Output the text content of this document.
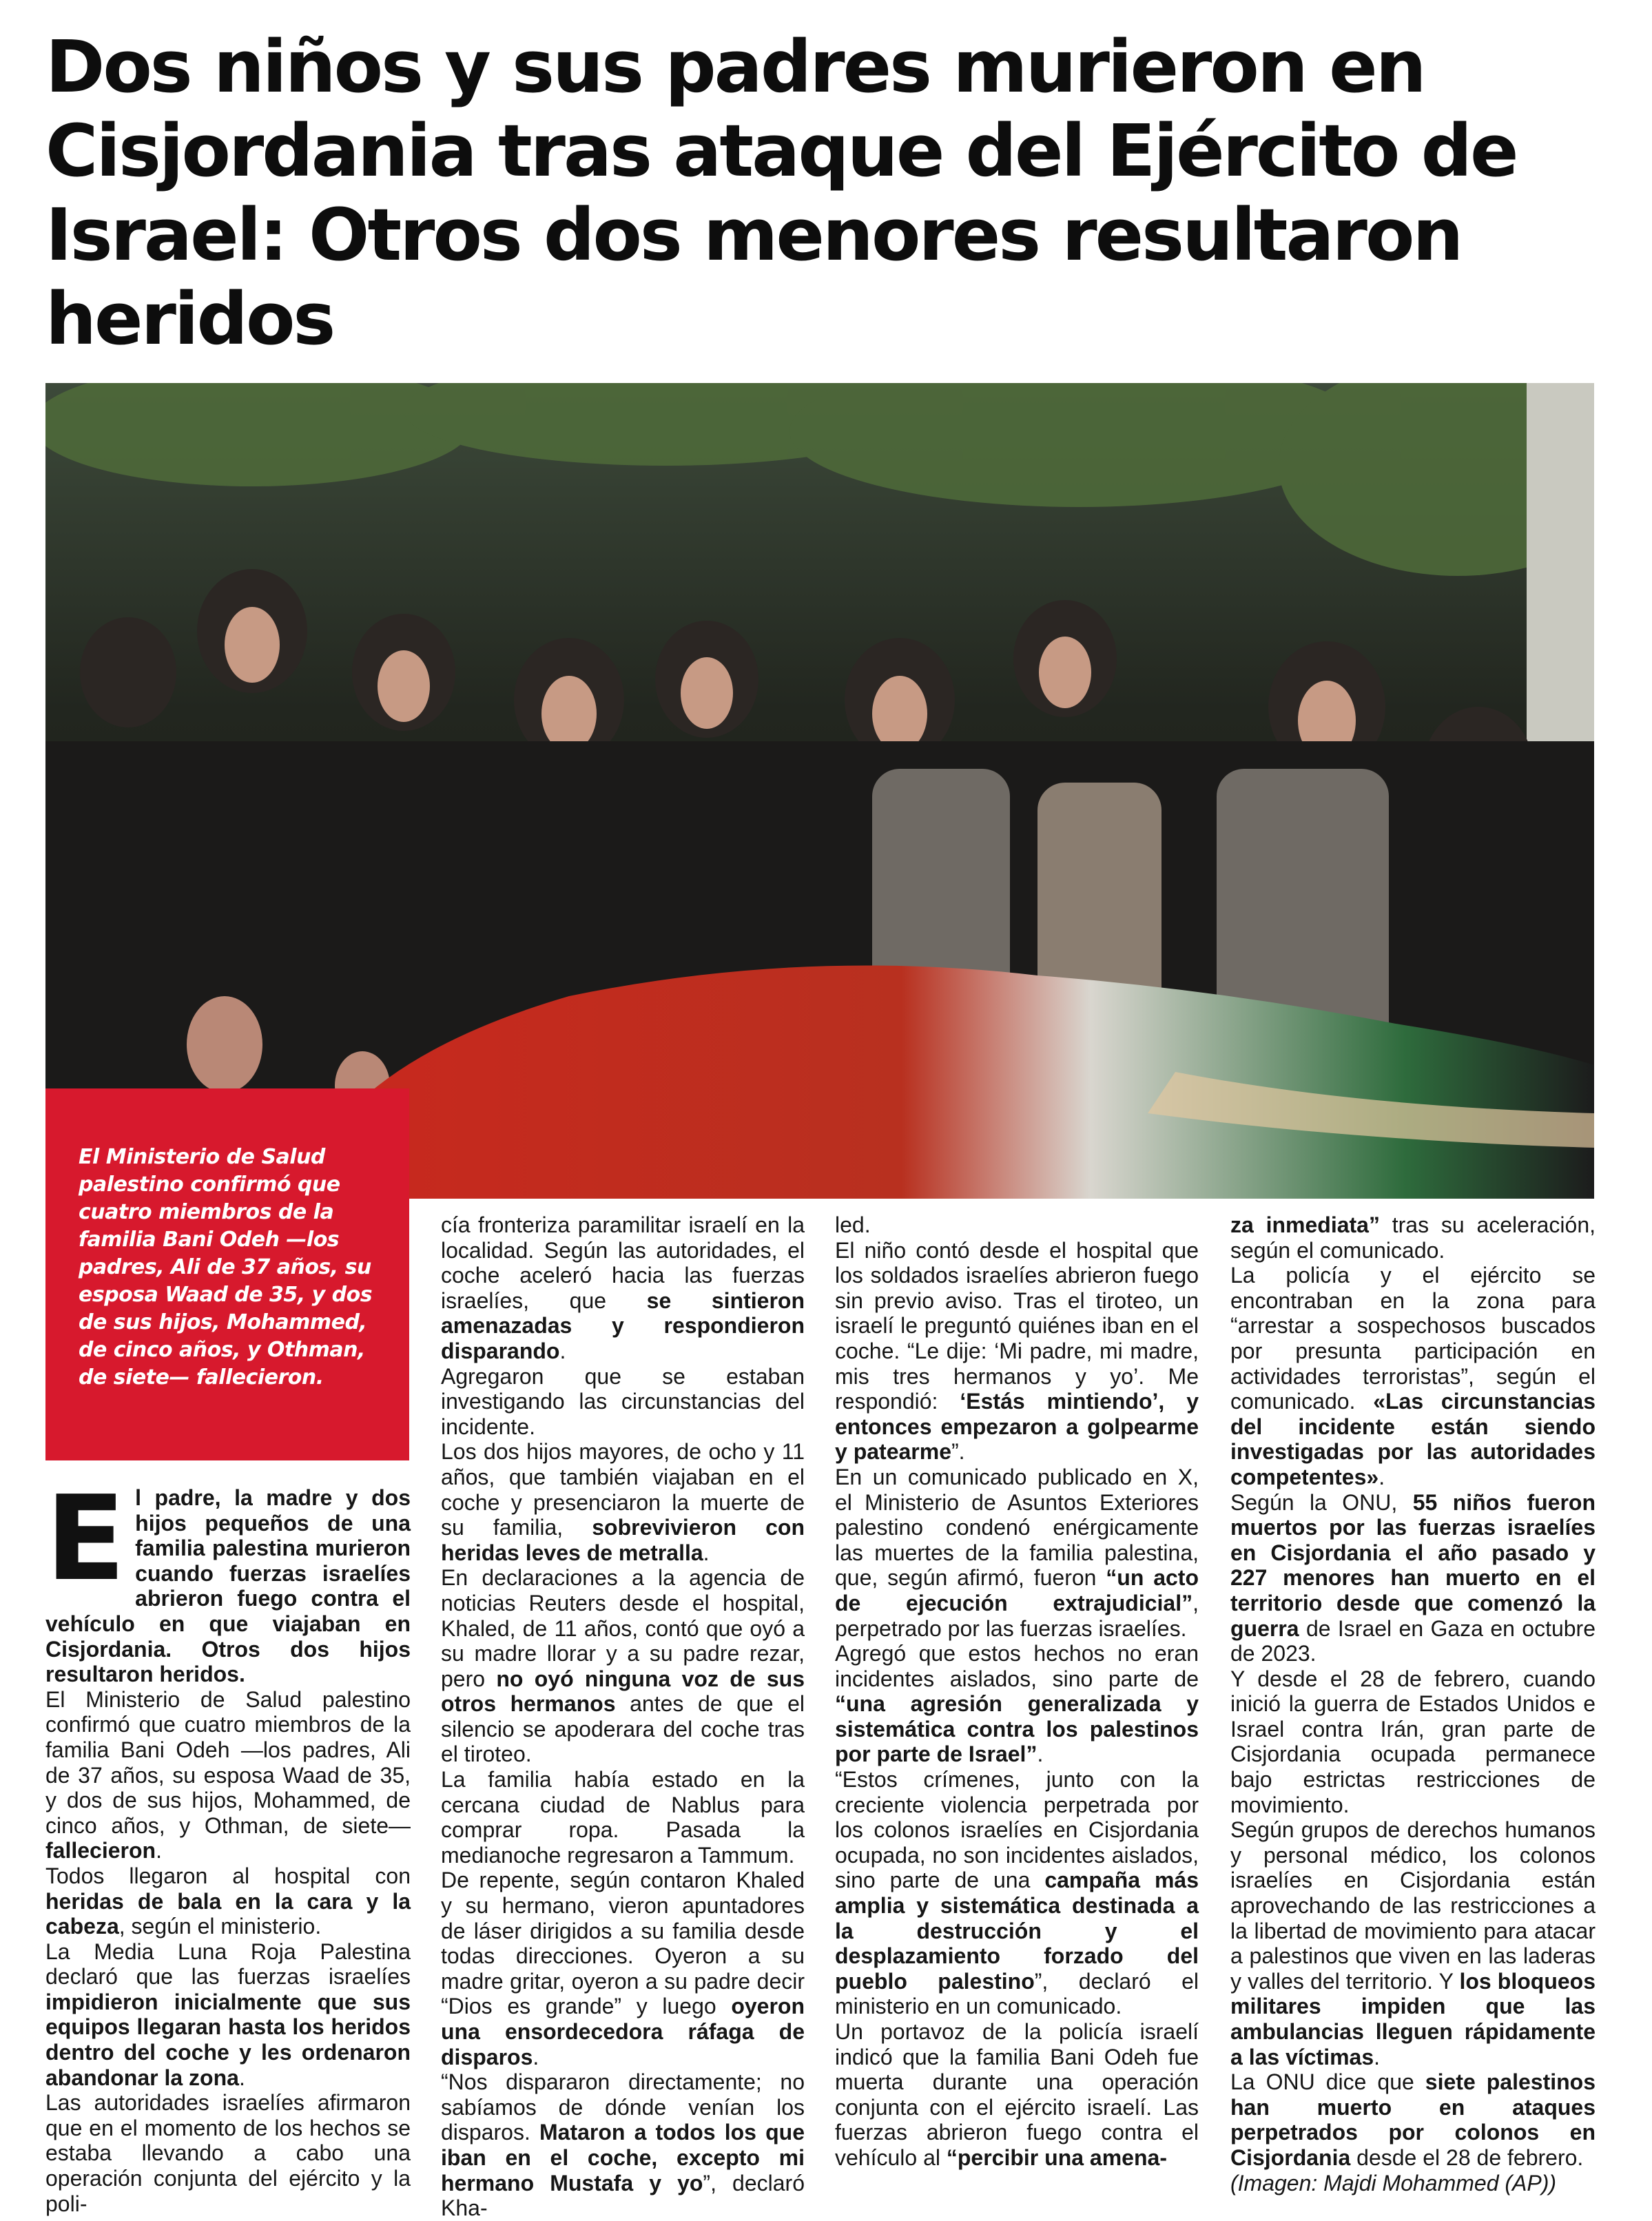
Dos niños y sus padres murieron en Cisjordania tras ataque del Ejército de Israel: Otros dos menores resultaron heridos
El Ministerio de Salud palestino confirmó que cuatro miembros de la familia Bani Odeh —los padres, Ali de 37 años, su esposa Waad de 35, y dos de sus hijos, Mohammed, de cinco años, y Othman, de siete— fallecieron.
E l padre, la madre y dos hijos pequeños de una familia palestina murieron cuando fuerzas israelíes abrieron fuego contra el vehículo en que viajaban en Cisjordania. Otros dos hijos resultaron heridos.

El Ministerio de Salud palestino confirmó que cuatro miembros de la familia Bani Odeh —los padres, Ali de 37 años, su esposa Waad de 35, y dos de sus hijos, Mohammed, de cinco años, y Othman, de siete— fallecieron.

Todos llegaron al hospital con heridas de bala en la cara y la cabeza, según el ministerio.

La Media Luna Roja Palestina declaró que las fuerzas israelíes impidieron inicialmente que sus equipos llegaran hasta los heridos dentro del coche y les ordenaron abandonar la zona.

Las autoridades israelíes afirmaron que en el momento de los hechos se estaba llevando a cabo una operación conjunta del ejército y la poli-

cía fronteriza paramilitar israelí en la localidad. Según las autoridades, el coche aceleró hacia las fuerzas israelíes, que se sintieron amenazadas y respondieron disparando.

Agregaron que se estaban investigando las circunstancias del incidente.

Los dos hijos mayores, de ocho y 11 años, que también viajaban en el coche y presenciaron la muerte de su familia, sobrevivieron con heridas leves de metralla.

En declaraciones a la agencia de noticias Reuters desde el hospital, Khaled, de 11 años, contó que oyó a su madre llorar y a su padre rezar, pero no oyó ninguna voz de sus otros hermanos antes de que el silencio se apoderara del coche tras el tiroteo.

La familia había estado en la cercana ciudad de Nablus para comprar ropa. Pasada la medianoche regresaron a Tammum.

De repente, según contaron Khaled y su hermano, vieron apuntadores de láser dirigidos a su familia desde todas direcciones. Oyeron a su madre gritar, oyeron a su padre decir “Dios es grande” y luego oyeron una ensordecedora ráfaga de disparos.

“Nos dispararon directamente; no sabíamos de dónde venían los disparos. Mataron a todos los que iban en el coche, excepto mi hermano Mustafa y yo”, declaró Kha-

led.

El niño contó desde el hospital que los soldados israelíes abrieron fuego sin previo aviso. Tras el tiroteo, un israelí le preguntó quiénes iban en el coche. “Le dije: ‘Mi padre, mi madre, mis tres hermanos y yo’. Me respondió: ‘Estás mintiendo’, y entonces empezaron a golpearme y patearme”.

En un comunicado publicado en X, el Ministerio de Asuntos Exteriores palestino condenó enérgicamente las muertes de la familia palestina, que, según afirmó, fueron “un acto de ejecución extrajudicial”, perpetrado por las fuerzas israelíes.

Agregó que estos hechos no eran incidentes aislados, sino parte de “una agresión generalizada y sistemática contra los palestinos por parte de Israel”.

“Estos crímenes, junto con la creciente violencia perpetrada por los colonos israelíes en Cisjordania ocupada, no son incidentes aislados, sino parte de una campaña más amplia y sistemática destinada a la destrucción y el desplazamiento forzado del pueblo palestino”, declaró el ministerio en un comunicado.

Un portavoz de la policía israelí indicó que la familia Bani Odeh fue muerta durante una operación conjunta con el ejército israelí. Las fuerzas abrieron fuego contra el vehículo al “percibir una amena-

za inmediata” tras su aceleración, según el comunicado.

La policía y el ejército se encontraban en la zona para “arrestar a sospechosos buscados por presunta participación en actividades terroristas”, según el comunicado. «Las circunstancias del incidente están siendo investigadas por las autoridades competentes».

Según la ONU, 55 niños fueron muertos por las fuerzas israelíes en Cisjordania el año pasado y 227 menores han muerto en el territorio desde que comenzó la guerra de Israel en Gaza en octubre de 2023.

Y desde el 28 de febrero, cuando inició la guerra de Estados Unidos e Israel contra Irán, gran parte de Cisjordania ocupada permanece bajo estrictas restricciones de movimiento.

Según grupos de derechos humanos y personal médico, los colonos israelíes en Cisjordania están aprovechando de las restricciones a la libertad de movimiento para atacar a palestinos que viven en las laderas y valles del territorio. Y los bloqueos militares impiden que las ambulancias lleguen rápidamente a las víctimas.

La ONU dice que siete palestinos han muerto en ataques perpetrados por colonos en Cisjordania desde el 28 de febrero.

(Imagen: Majdi Mohammed (AP))
